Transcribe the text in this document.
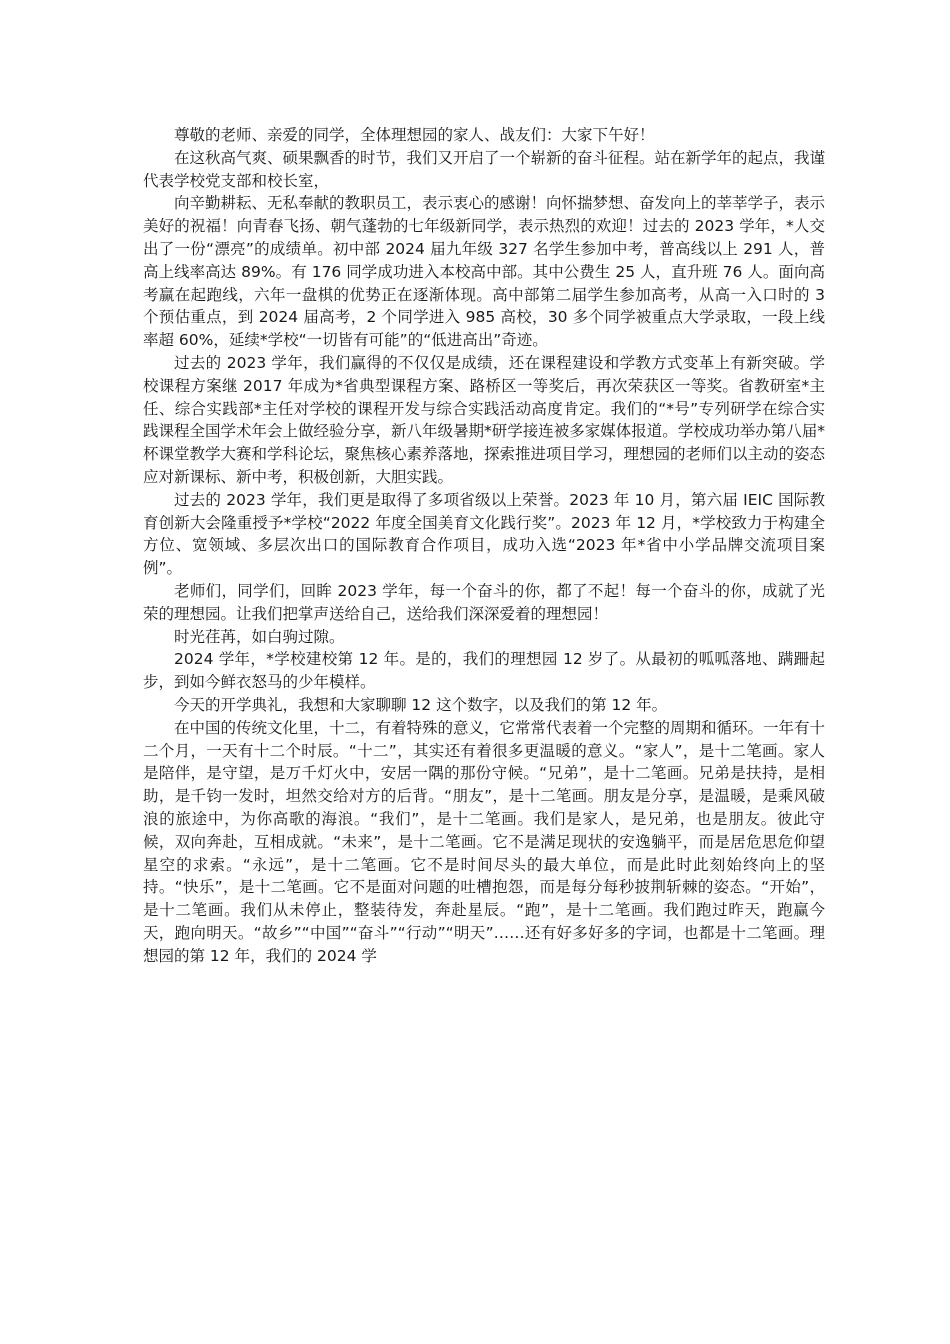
尊敬的老师、亲爱的同学，全体理想园的家人、战友们：大家下午好！

在这秋高气爽、硕果飘香的时节，我们又开启了一个崭新的奋斗征程。站在新学年的起点，我谨代表学校党支部和校长室，

向辛勤耕耘、无私奉献的教职员工，表示衷心的感谢！向怀揣梦想、奋发向上的莘莘学子，表示美好的祝福！向青春飞扬、朝气蓬勃的七年级新同学，表示热烈的欢迎！过去的 2023 学年，*人交出了一份“漂亮”的成绩单。初中部 2024 届九年级 327 名学生参加中考，普高线以上 291 人，普高上线率高达 89%。有 176 同学成功进入本校高中部。其中公费生 25 人，直升班 76 人。面向高考赢在起跑线，六年一盘棋的优势正在逐渐体现。高中部第二届学生参加高考，从高一入口时的 3 个预估重点，到 2024 届高考，2 个同学进入 985 高校，30 多个同学被重点大学录取，一段上线率超 60%，延续*学校“一切皆有可能”的“低进高出”奇迹。

过去的 2023 学年，我们赢得的不仅仅是成绩，还在课程建设和学教方式变革上有新突破。学校课程方案继 2017 年成为*省典型课程方案、路桥区一等奖后，再次荣获区一等奖。省教研室*主任、综合实践部*主任对学校的课程开发与综合实践活动高度肯定。我们的“*号”专列研学在综合实践课程全国学术年会上做经验分享，新八年级暑期*研学接连被多家媒体报道。学校成功举办第八届*杯课堂教学大赛和学科论坛，聚焦核心素养落地，探索推进项目学习，理想园的老师们以主动的姿态应对新课标、新中考，积极创新，大胆实践。

过去的 2023 学年，我们更是取得了多项省级以上荣誉。2023 年 10 月，第六届 IEIC 国际教育创新大会隆重授予*学校“2022 年度全国美育文化践行奖”。2023 年 12 月，*学校致力于构建全方位、宽领域、多层次出口的国际教育合作项目，成功入选“2023 年*省中小学品牌交流项目案例”。

老师们，同学们，回眸 2023 学年，每一个奋斗的你，都了不起！每一个奋斗的你，成就了光荣的理想园。让我们把掌声送给自己，送给我们深深爱着的理想园！

时光荏苒，如白驹过隙。

2024 学年，*学校建校第 12 年。是的，我们的理想园 12 岁了。从最初的呱呱落地、蹒跚起步，到如今鲜衣怒马的少年模样。

今天的开学典礼，我想和大家聊聊 12 这个数字，以及我们的第 12 年。

在中国的传统文化里，十二，有着特殊的意义，它常常代表着一个完整的周期和循环。一年有十二个月，一天有十二个时辰。“十二”，其实还有着很多更温暖的意义。“家人”，是十二笔画。家人是陪伴，是守望，是万千灯火中，安居一隅的那份守候。“兄弟”，是十二笔画。兄弟是扶持，是相助，是千钧一发时，坦然交给对方的后背。“朋友”，是十二笔画。朋友是分享，是温暖，是乘风破浪的旅途中，为你高歌的海浪。“我们”，是十二笔画。我们是家人，是兄弟，也是朋友。彼此守候，双向奔赴，互相成就。“未来”，是十二笔画。它不是满足现状的安逸躺平，而是居危思危仰望星空的求索。“永远”，是十二笔画。它不是时间尽头的最大单位，而是此时此刻始终向上的坚持。“快乐”，是十二笔画。它不是面对问题的吐槽抱怨，而是每分每秒披荆斩棘的姿态。“开始”，是十二笔画。我们从未停止，整装待发，奔赴星辰。“跑”，是十二笔画。我们跑过昨天，跑赢今天，跑向明天。“故乡”“中国”“奋斗”“行动”“明天”……还有好多好多的字词，也都是十二笔画。理想园的第 12 年，我们的 2024 学
